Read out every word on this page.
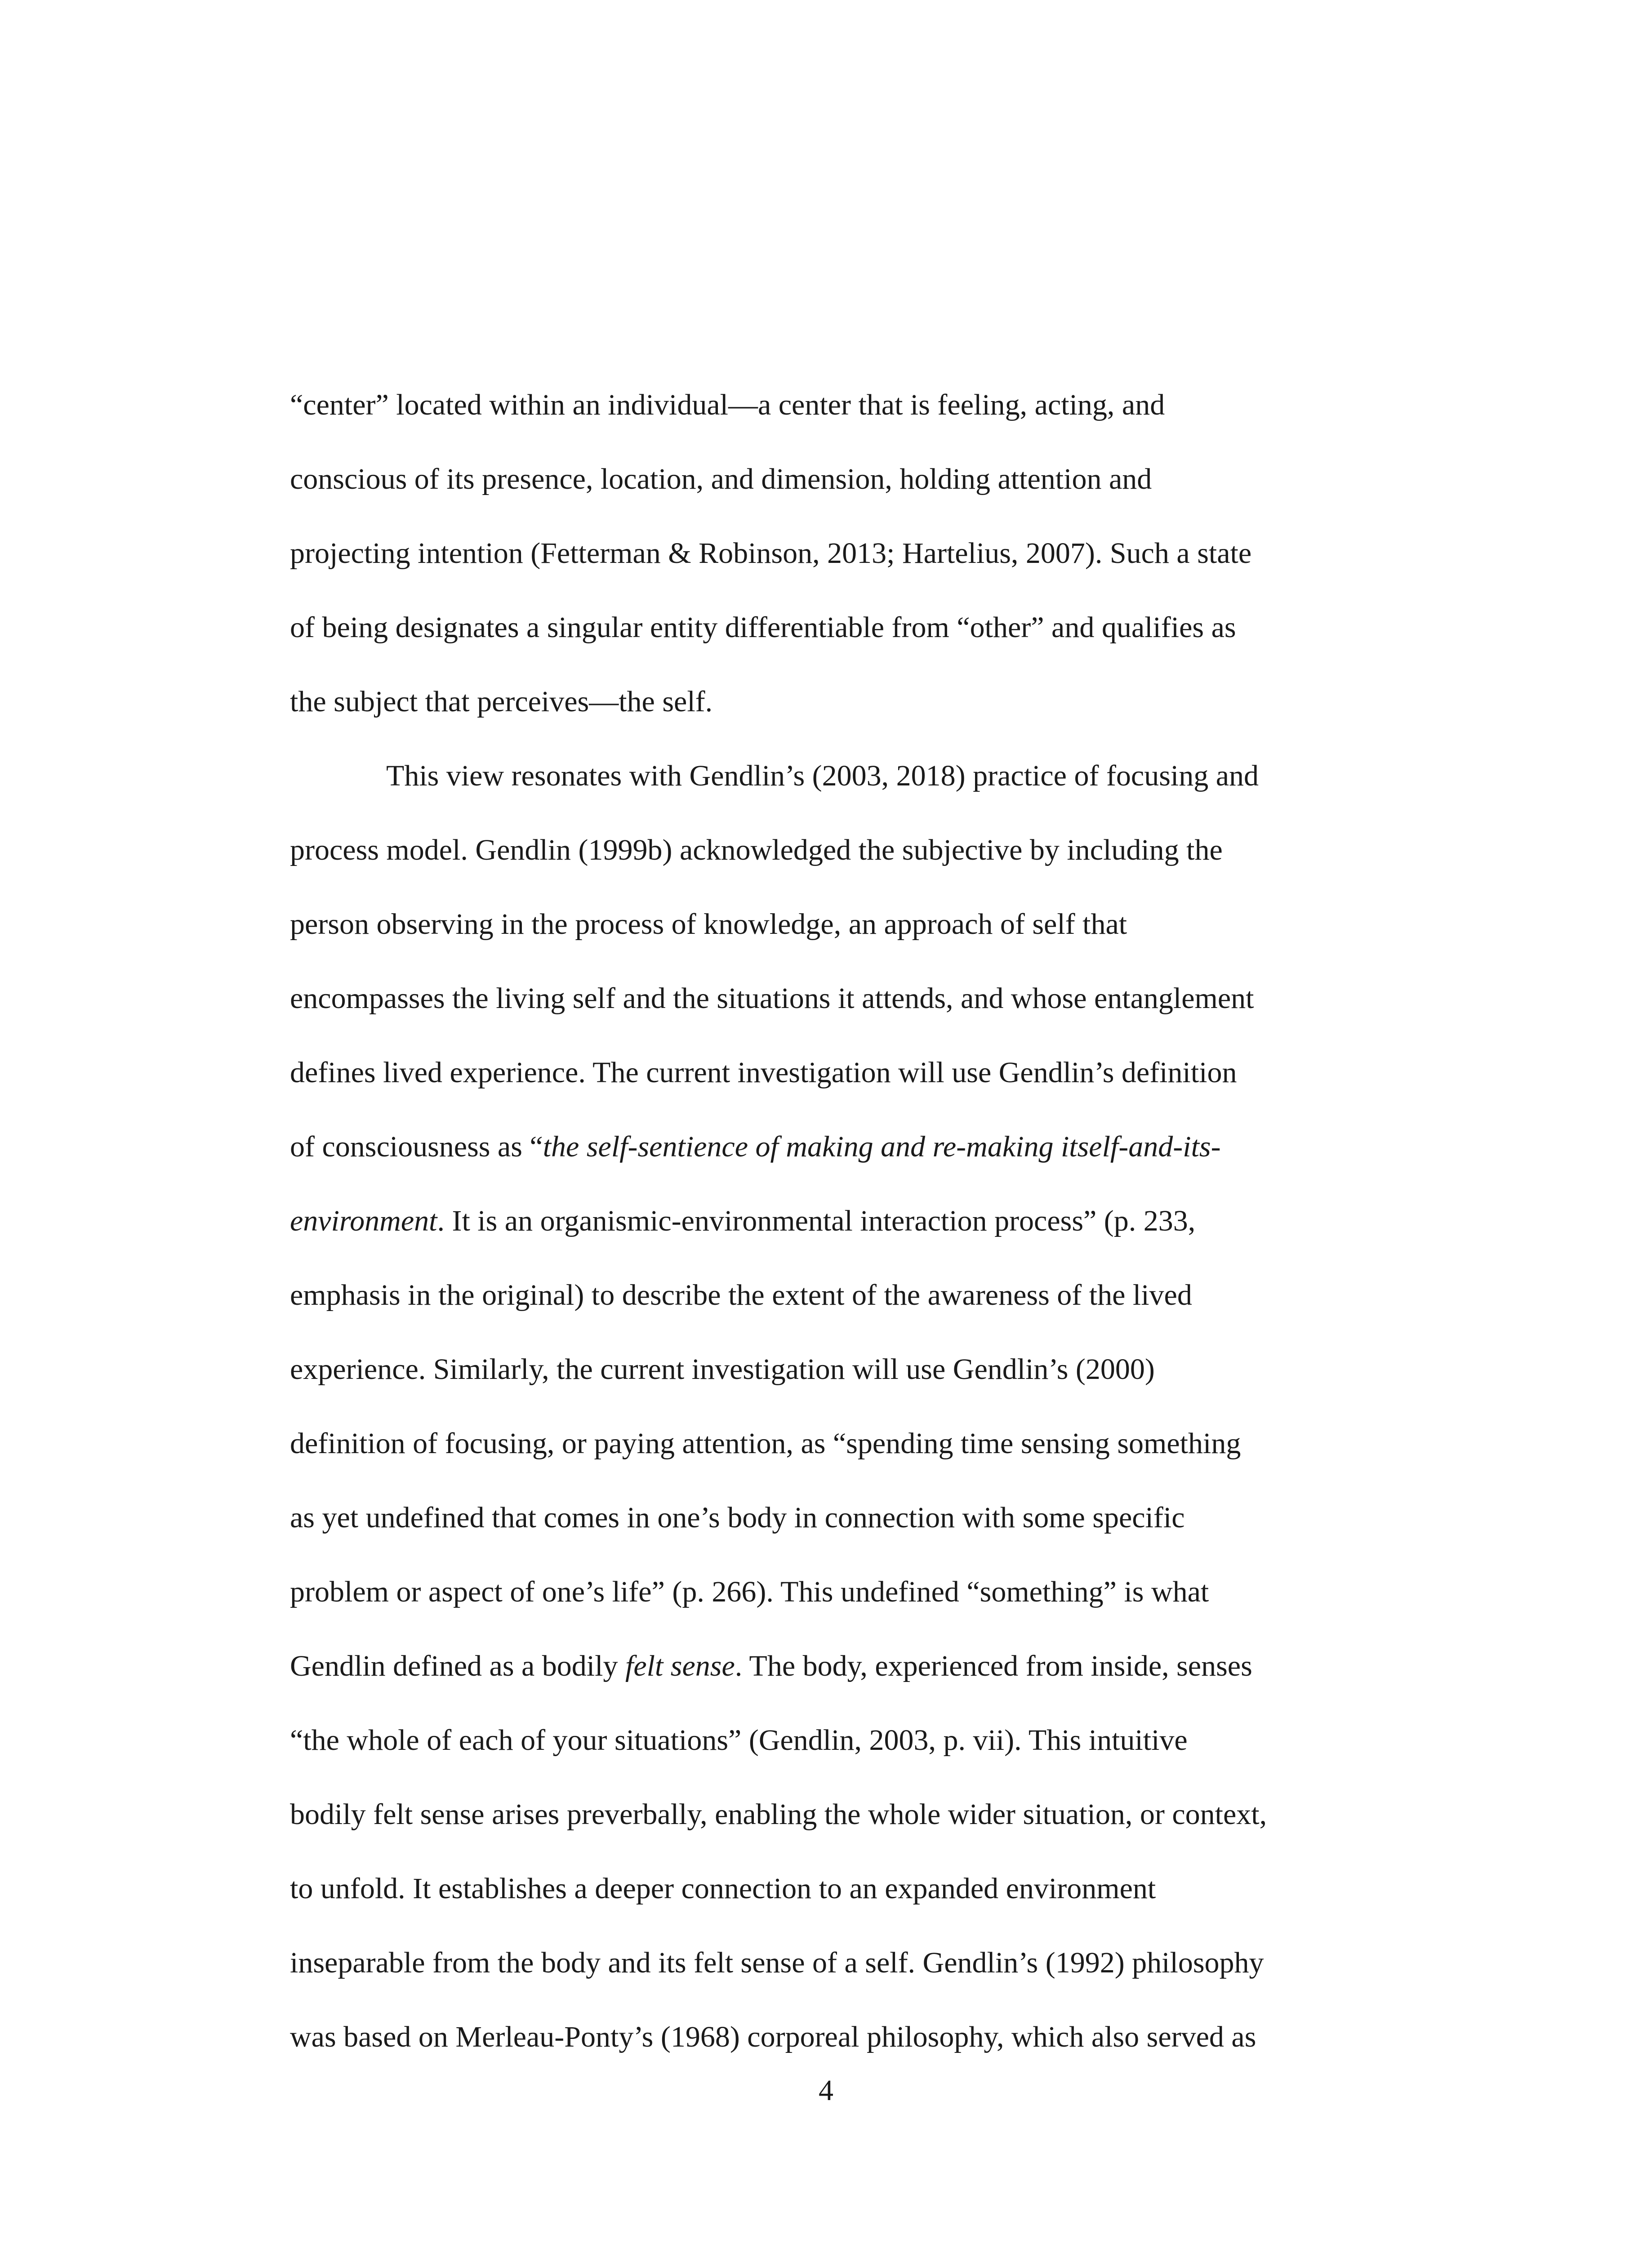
“center” located within an individual—a center that is feeling, acting, and
conscious of its presence, location, and dimension, holding attention and
projecting intention (Fetterman & Robinson, 2013; Hartelius, 2007). Such a state
of being designates a singular entity differentiable from “other” and qualifies as
the subject that perceives—the self.
This view resonates with Gendlin’s (2003, 2018) practice of focusing and
process model. Gendlin (1999b) acknowledged the subjective by including the
person observing in the process of knowledge, an approach of self that
encompasses the living self and the situations it attends, and whose entanglement
defines lived experience. The current investigation will use Gendlin’s definition
of consciousness as “the self-sentience of making and re-making itself-and-its-
environment. It is an organismic-environmental interaction process” (p. 233,
emphasis in the original) to describe the extent of the awareness of the lived
experience. Similarly, the current investigation will use Gendlin’s (2000)
definition of focusing, or paying attention, as “spending time sensing something
as yet undefined that comes in one’s body in connection with some specific
problem or aspect of one’s life” (p. 266). This undefined “something” is what
Gendlin defined as a bodily felt sense. The body, experienced from inside, senses
“the whole of each of your situations” (Gendlin, 2003, p. vii). This intuitive
bodily felt sense arises preverbally, enabling the whole wider situation, or context,
to unfold. It establishes a deeper connection to an expanded environment
inseparable from the body and its felt sense of a self. Gendlin’s (1992) philosophy
was based on Merleau-Ponty’s (1968) corporeal philosophy, which also served as
4
